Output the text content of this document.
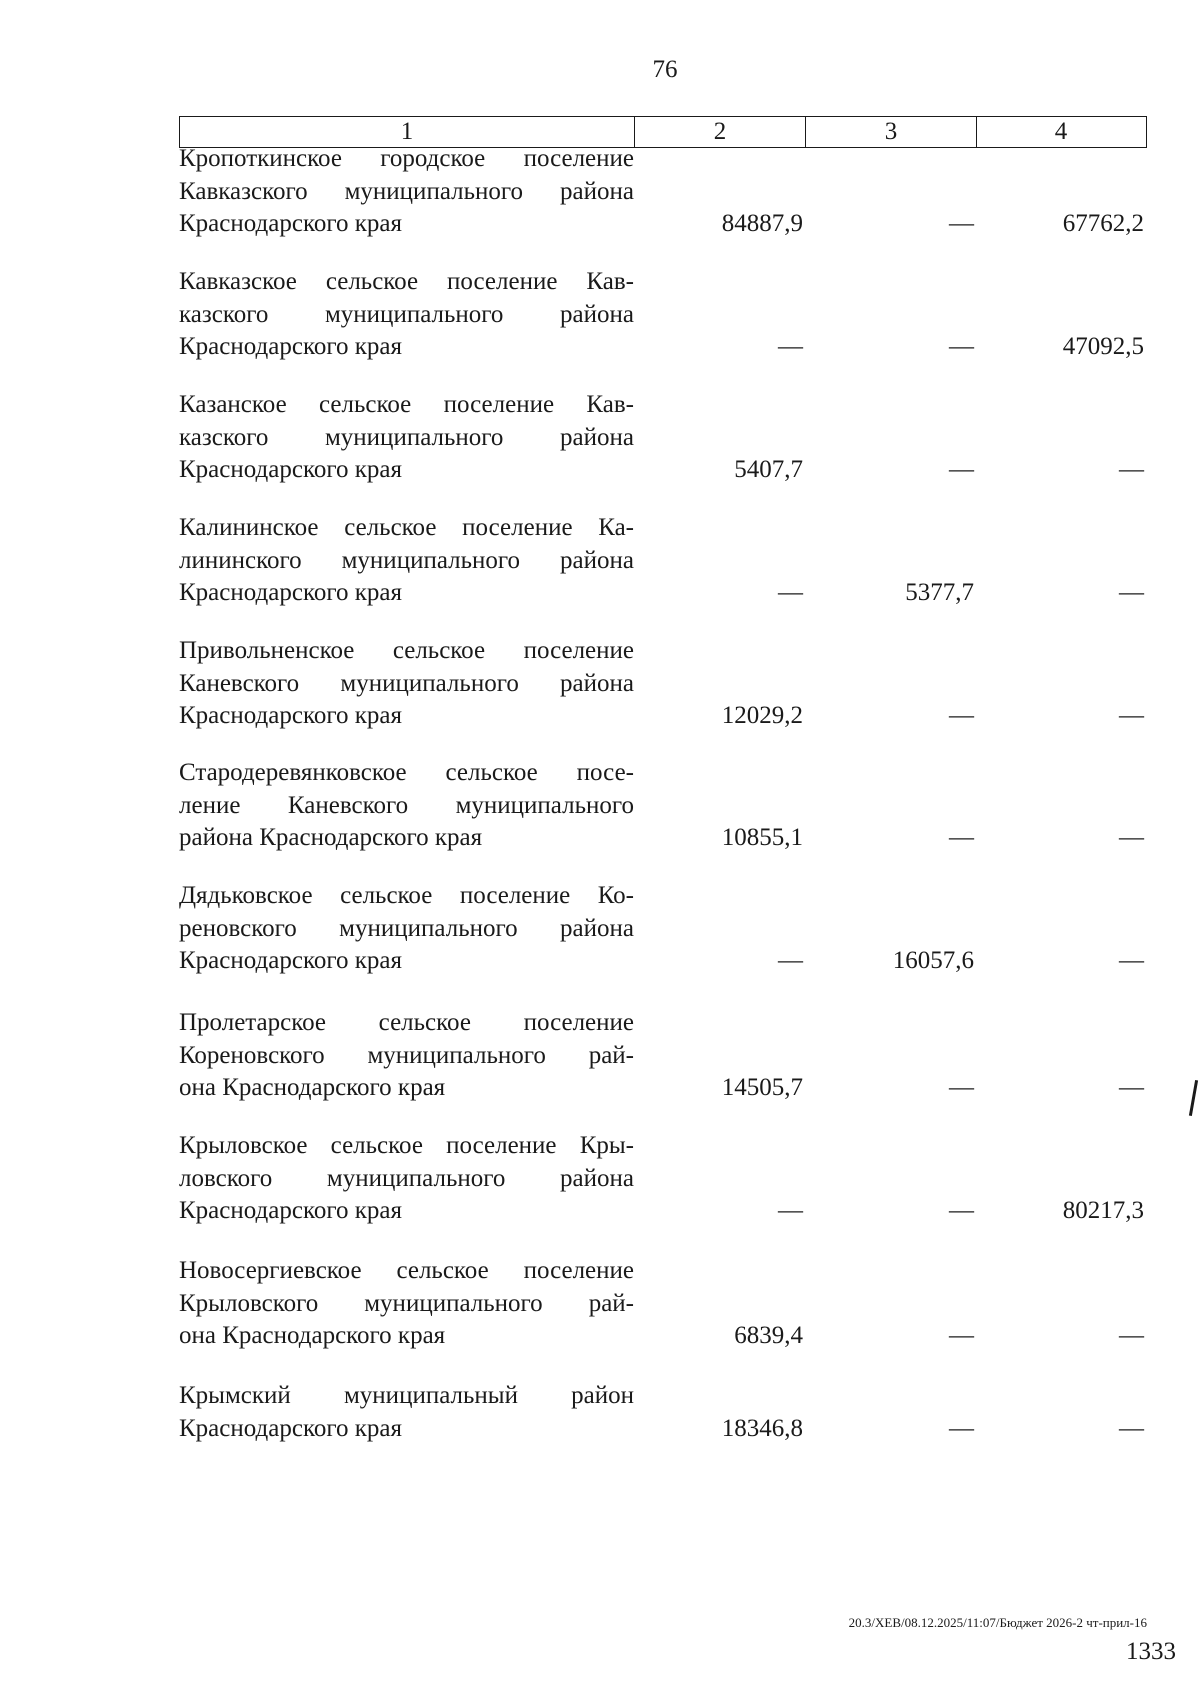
76
1	2	3	4
Кропоткинское городское поселение
Кавказского муниципального района
Краснодарского края	84887,9	—	67762,2
Кавказское сельское поселение Кав-
казского муниципального района
Краснодарского края	—	—	47092,5
Казанское сельское поселение Кав-
казского муниципального района
Краснодарского края	5407,7	—	—
Калининское сельское поселение Ка-
лининского муниципального района
Краснодарского края	—	5377,7	—
Привольненское сельское поселение
Каневского муниципального района
Краснодарского края	12029,2	—	—
Стародеревянковское сельское посе-
ление Каневского муниципального
района Краснодарского края	10855,1	—	—
Дядьковское сельское поселение Ко-
реновского муниципального района
Краснодарского края	—	16057,6	—
Пролетарское сельское поселение
Кореновского муниципального рай-
она Краснодарского края	14505,7	—	—
Крыловское сельское поселение Кры-
ловского муниципального района
Краснодарского края	—	—	80217,3
Новосергиевское сельское поселение
Крыловского муниципального рай-
она Краснодарского края	6839,4	—	—
Крымский муниципальный район
Краснодарского края	18346,8	—	—
20.3/ХЕВ/08.12.2025/11:07/Бюджет 2026-2 чт-прил-16
1333
